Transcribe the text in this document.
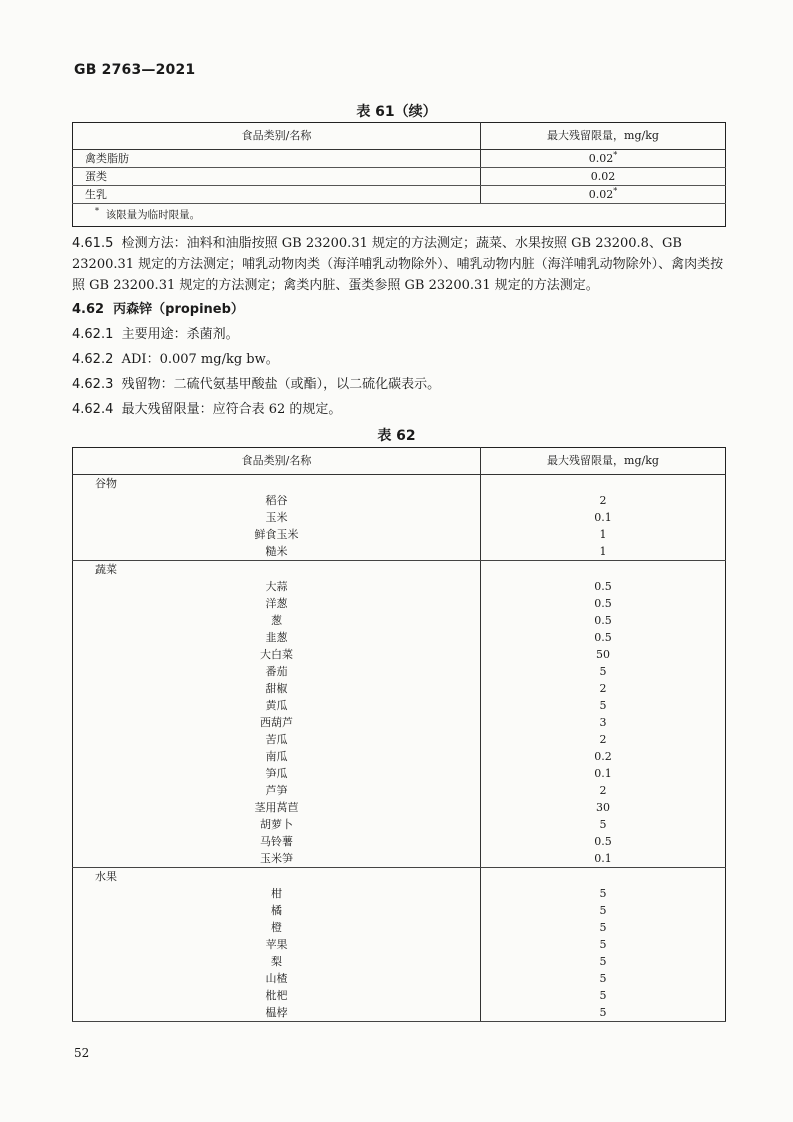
GB 2763—2021
表 61（续）
食品类别/名称	最大残留限量，mg/kg
禽类脂肪	0.02*
蛋类	0.02
生乳	0.02*
* 该限量为临时限量。	
4.61.5 检测方法：油料和油脂按照 GB 23200.31 规定的方法测定；蔬菜、水果按照 GB 23200.8、GB 23200.31 规定的方法测定；哺乳动物肉类（海洋哺乳动物除外）、哺乳动物内脏（海洋哺乳动物除外）、禽肉类按照 GB 23200.31 规定的方法测定；禽类内脏、蛋类参照 GB 23200.31 规定的方法测定。
4.62 丙森锌（propineb）
4.62.1 主要用途：杀菌剂。
4.62.2 ADI：0.007 mg/kg bw。
4.62.3 残留物：二硫代氨基甲酸盐（或酯），以二硫化碳表示。
4.62.4 最大残留限量：应符合表 62 的规定。
表 62
食品类别/名称	最大残留限量，mg/kg
谷物	
稻谷	2
玉米	0.1
鲜食玉米	1
糙米	1
蔬菜	
大蒜	0.5
洋葱	0.5
葱	0.5
韭葱	0.5
大白菜	50
番茄	5
甜椒	2
黄瓜	5
西葫芦	3
苦瓜	2
南瓜	0.2
笋瓜	0.1
芦笋	2
茎用莴苣	30
胡萝卜	5
马铃薯	0.5
玉米笋	0.1
水果	
柑	5
橘	5
橙	5
苹果	5
梨	5
山楂	5
枇杷	5
榅桲	5
52
